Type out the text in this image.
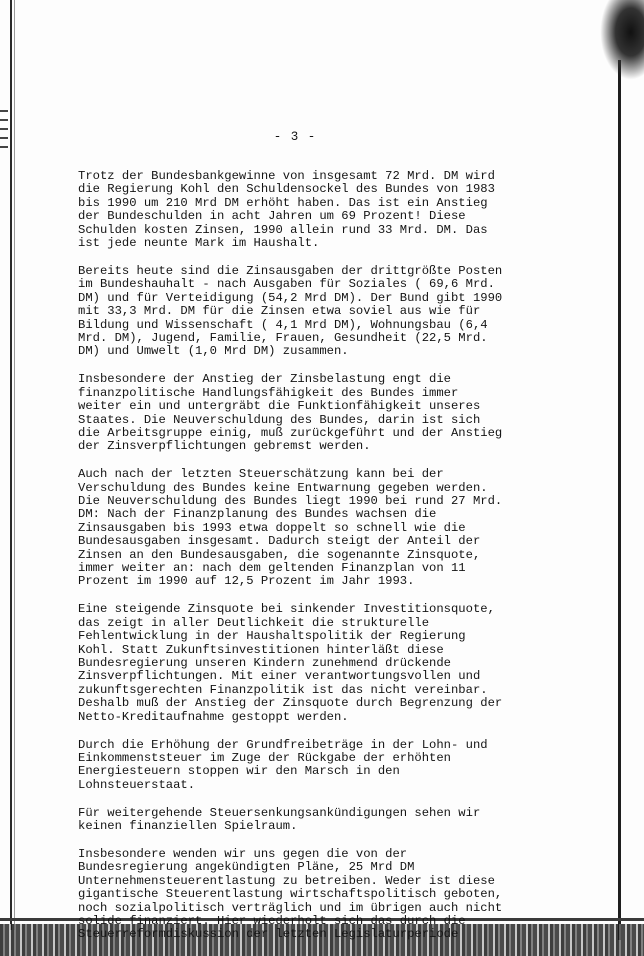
- 3 -
Trotz der Bundesbankgewinne von insgesamt 72 Mrd. DM wird
die Regierung Kohl den Schuldensockel des Bundes von 1983
bis 1990 um 210 Mrd DM erhöht haben. Das ist ein Anstieg
der Bundeschulden in acht Jahren um 69 Prozent! Diese
Schulden kosten Zinsen, 1990 allein rund 33 Mrd. DM. Das
ist jede neunte Mark im Haushalt.
Bereits heute sind die Zinsausgaben der drittgrößte Posten
im Bundeshauhalt - nach Ausgaben für Soziales ( 69,6 Mrd.
DM) und für Verteidigung (54,2 Mrd DM). Der Bund gibt 1990
mit 33,3 Mrd. DM für die Zinsen etwa soviel aus wie für
Bildung und Wissenschaft ( 4,1 Mrd DM), Wohnungsbau (6,4
Mrd. DM), Jugend, Familie, Frauen, Gesundheit (22,5 Mrd.
DM) und Umwelt (1,0 Mrd DM) zusammen.
Insbesondere der Anstieg der Zinsbelastung engt die
finanzpolitische Handlungsfähigkeit des Bundes immer
weiter ein und untergräbt die Funktionfähigkeit unseres
Staates. Die Neuverschuldung des Bundes, darin ist sich
die Arbeitsgruppe einig, muß zurückgeführt und der Anstieg
der Zinsverpflichtungen gebremst werden.
Auch nach der letzten Steuerschätzung kann bei der
Verschuldung des Bundes keine Entwarnung gegeben werden.
Die Neuverschuldung des Bundes liegt 1990 bei rund 27 Mrd.
DM: Nach der Finanzplanung des Bundes wachsen die
Zinsausgaben bis 1993 etwa doppelt so schnell wie die
Bundesausgaben insgesamt. Dadurch steigt der Anteil der
Zinsen an den Bundesausgaben, die sogenannte Zinsquote,
immer weiter an: nach dem geltenden Finanzplan von 11
Prozent im 1990 auf 12,5 Prozent im Jahr 1993.
Eine steigende Zinsquote bei sinkender Investitionsquote,
das zeigt in aller Deutlichkeit die strukturelle
Fehlentwicklung in der Haushaltspolitik der Regierung
Kohl. Statt Zukunftsinvestitionen hinterläßt diese
Bundesregierung unseren Kindern zunehmend drückende
Zinsverpflichtungen. Mit einer verantwortungsvollen und
zukunftsgerechten Finanzpolitik ist das nicht vereinbar.
Deshalb muß der Anstieg der Zinsquote durch Begrenzung der
Netto-Kreditaufnahme gestoppt werden.
Durch die Erhöhung der Grundfreibeträge in der Lohn- und
Einkommenststeuer im Zuge der Rückgabe der erhöhten
Energiesteuern stoppen wir den Marsch in den
Lohnsteuerstaat.
Für weitergehende Steuersenkungsankündigungen sehen wir
keinen finanziellen Spielraum.
Insbesondere wenden wir uns gegen die von der
Bundesregierung angekündigten Pläne, 25 Mrd DM
Unternehmensteuerentlastung zu betreiben. Weder ist diese
gigantische Steuerentlastung wirtschaftspolitisch geboten,
noch sozialpolitisch verträglich und im übrigen auch nicht
solide finanziert. Hier wiederholt sich das durch die
Steuerreformdiskussion der letzten Legislaturperiode
